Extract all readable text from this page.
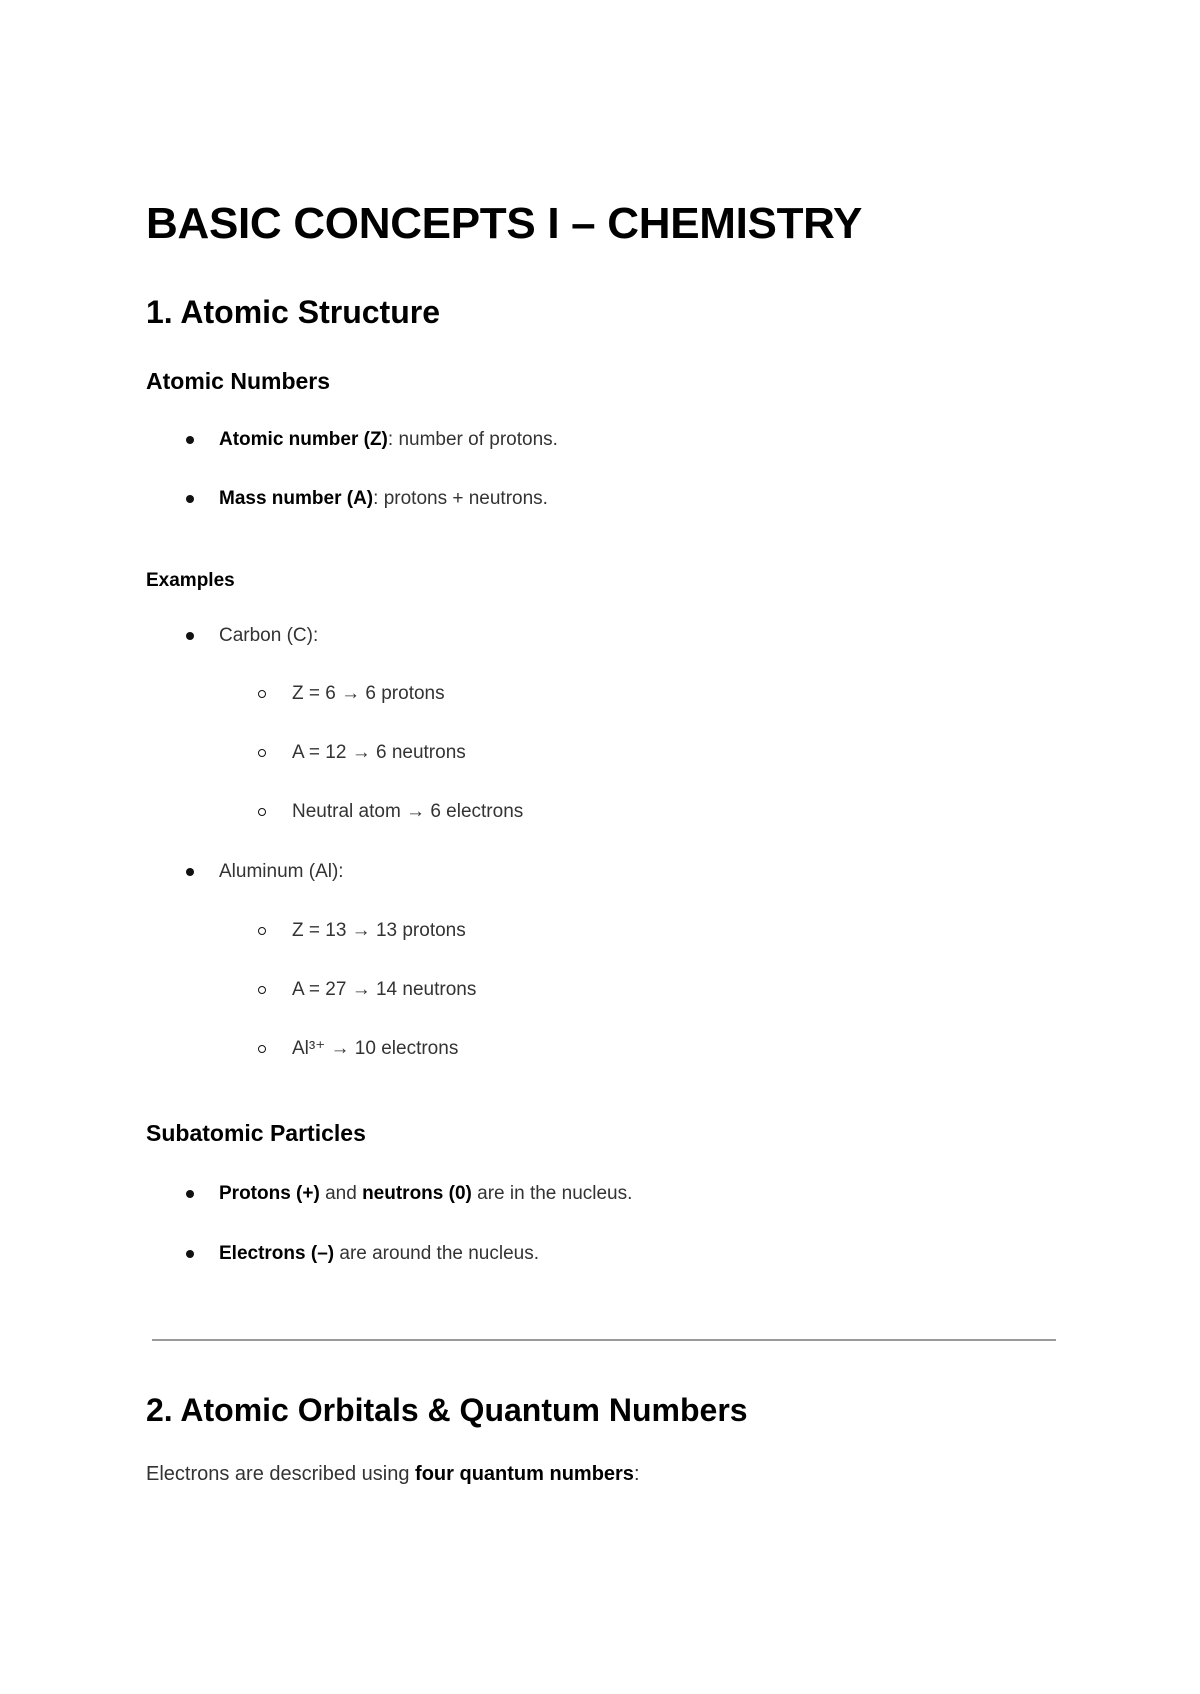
BASIC CONCEPTS I – CHEMISTRY
1. Atomic Structure
Atomic Numbers
Atomic number (Z): number of protons.
Mass number (A): protons + neutrons.
Examples
Carbon (C):
Z = 6 → 6 protons
A = 12 → 6 neutrons
Neutral atom → 6 electrons
Aluminum (Al):
Z = 13 → 13 protons
A = 27 → 14 neutrons
Al³⁺ → 10 electrons
Subatomic Particles
Protons (+) and neutrons (0) are in the nucleus.
Electrons (–) are around the nucleus.
2. Atomic Orbitals & Quantum Numbers
Electrons are described using four quantum numbers:
